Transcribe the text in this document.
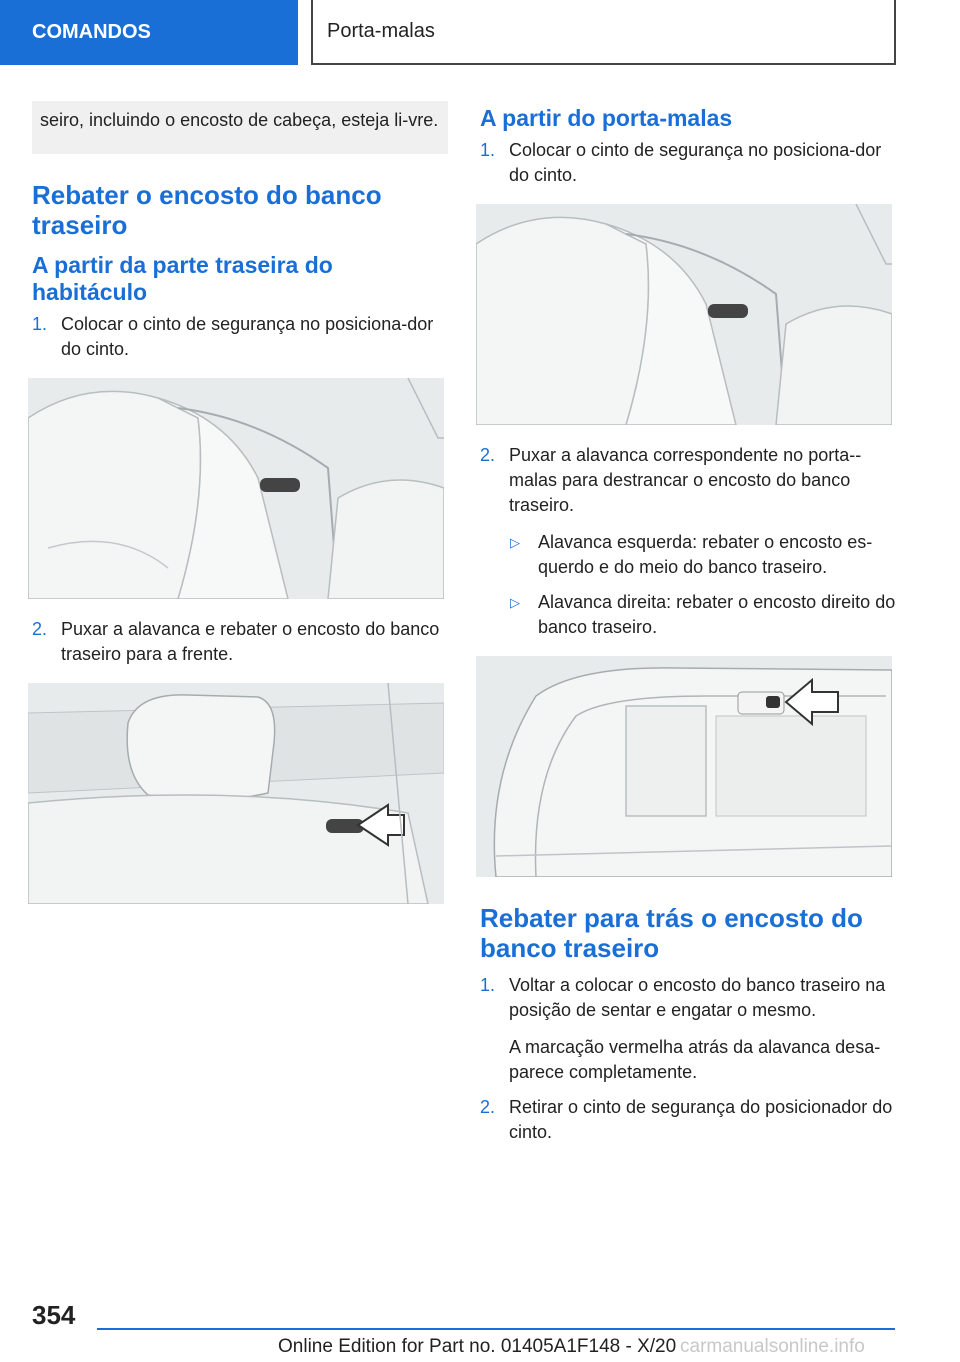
COMANDOS	Porta-malas
seiro, incluindo o encosto de cabeça, esteja li-vre.
Rebater o encosto do banco traseiro
A partir da parte traseira do habitáculo
1. Colocar o cinto de segurança no posiciona-dor do cinto.
2. Puxar a alavanca e rebater o encosto do banco traseiro para a frente.
A partir do porta-malas
1. Colocar o cinto de segurança no posiciona-dor do cinto.
2. Puxar a alavanca correspondente no porta--malas para destrancar o encosto do banco traseiro.
▷ Alavanca esquerda: rebater o encosto es-querdo e do meio do banco traseiro.
▷ Alavanca direita: rebater o encosto direito do banco traseiro.
Rebater para trás o encosto do banco traseiro
1. Voltar a colocar o encosto do banco traseiro na posição de sentar e engatar o mesmo.
A marcação vermelha atrás da alavanca desa-parece completamente.
2. Retirar o cinto de segurança do posicionador do cinto.
354
Online Edition for Part no. 01405A1F148 - X/20 carmanualsonline.info
